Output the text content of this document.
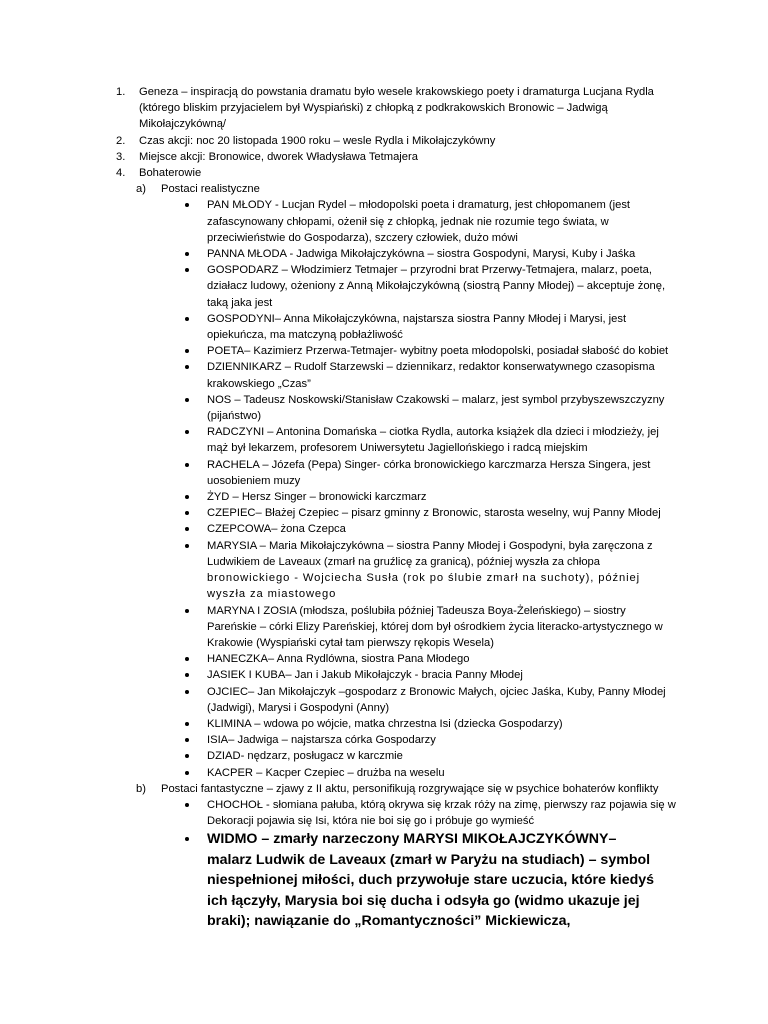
1. Geneza – inspiracją do powstania dramatu było wesele krakowskiego poety i dramaturga Lucjana Rydla (którego bliskim przyjacielem był Wyspiański) z chłopką z podkrakowskich Bronowic – Jadwigą Mikołajczykówną/
2. Czas akcji: noc 20 listopada 1900 roku – wesle Rydla i Mikołajczykówny
3. Miejsce akcji: Bronowice, dworek Władysława Tetmajera
4. Bohaterowie
a) Postaci realistyczne
PAN MŁODY - Lucjan Rydel – młodopolski poeta i dramaturg, jest chłopomanem (jest zafascynowany chłopami, ożenił się z chłopką, jednak nie rozumie tego świata, w przeciwieństwie do Gospodarza), szczery człowiek, dużo mówi
PANNA MŁODA - Jadwiga Mikołajczykówna – siostra Gospodyni, Marysi, Kuby i Jaśka
GOSPODARZ – Włodzimierz Tetmajer – przyrodni brat Przerwy-Tetmajera, malarz, poeta, działacz ludowy, ożeniony z Anną Mikołajczykówną (siostrą Panny Młodej) – akceptuje żonę, taką jaka jest
GOSPODYNI– Anna Mikołajczykówna, najstarsza siostra Panny Młodej i Marysi, jest opiekuńcza, ma matczyną pobłażliwość
POETA– Kazimierz Przerwa-Tetmajer- wybitny poeta młodopolski, posiadał słabość do kobiet
DZIENNIKARZ – Rudolf Starzewski – dziennikarz, redaktor konserwatywnego czasopisma krakowskiego „Czas”
NOS – Tadeusz Noskowski/Stanisław Czakowski – malarz, jest symbol przybyszewszczyzny (pijaństwo)
RADCZYNI – Antonina Domańska – ciotka Rydla, autorka książek dla dzieci i młodzieży, jej mąż był lekarzem, profesorem Uniwersytetu Jagiellońskiego i radcą miejskim
RACHELA – Józefa (Pepa) Singer- córka bronowickiego karczmarza Hersza Singera, jest uosobieniem muzy
ŻYD – Hersz Singer – bronowicki karczmarz
CZEPIEC– Błażej Czepiec – pisarz gminny z Bronowic, starosta weselny, wuj Panny Młodej
CZEPCOWA– żona Czepca
MARYSIA – Maria Mikołajczykówna – siostra Panny Młodej i Gospodyni, była zaręczona z Ludwikiem de Laveaux (zmarł na gruźlicę za granicą), później wyszła za chłopa bronowickiego - Wojciecha Susła (rok po ślubie zmarł na suchoty), później wyszła za miastowego
MARYNA I ZOSIA (młodsza, poślubiła później Tadeusza Boya-Żeleńskiego) – siostry Pareńskie – córki Elizy Pareńskiej, której dom był ośrodkiem życia literacko-artystycznego w Krakowie (Wyspiański cytał tam pierwszy rękopis Wesela)
HANECZKA– Anna Rydlówna, siostra Pana Młodego
JASIEK I KUBA– Jan i Jakub Mikołajczyk - bracia Panny Młodej
OJCIEC– Jan Mikołajczyk –gospodarz z Bronowic Małych, ojciec Jaśka, Kuby, Panny Młodej (Jadwigi), Marysi i Gospodyni (Anny)
KLIMINA – wdowa po wójcie, matka chrzestna Isi (dziecka Gospodarzy)
ISIA– Jadwiga – najstarsza córka Gospodarzy
DZIAD- nędzarz, posługacz w karczmie
KACPER – Kacper Czepiec – drużba na weselu
b) Postaci fantastyczne – zjawy z II aktu, personifikują rozgrywające się w psychice bohaterów konflikty
CHOCHOŁ - słomiana pałuba, którą okrywa się krzak róży na zimę, pierwszy raz pojawia się w Dekoracji pojawia się Isi, która nie boi się go i próbuje go wymieść
WIDMO – zmarły narzeczony MARYSI MIKOŁAJCZYKÓWNY– malarz Ludwik de Laveaux (zmarł w Paryżu na studiach) – symbol niespełnionej miłości, duch przywołuje stare uczucia, które kiedyś ich łączyły, Marysia boi się ducha i odsyła go (widmo ukazuje jej braki); nawiązanie do „Romantyczności” Mickiewicza,
